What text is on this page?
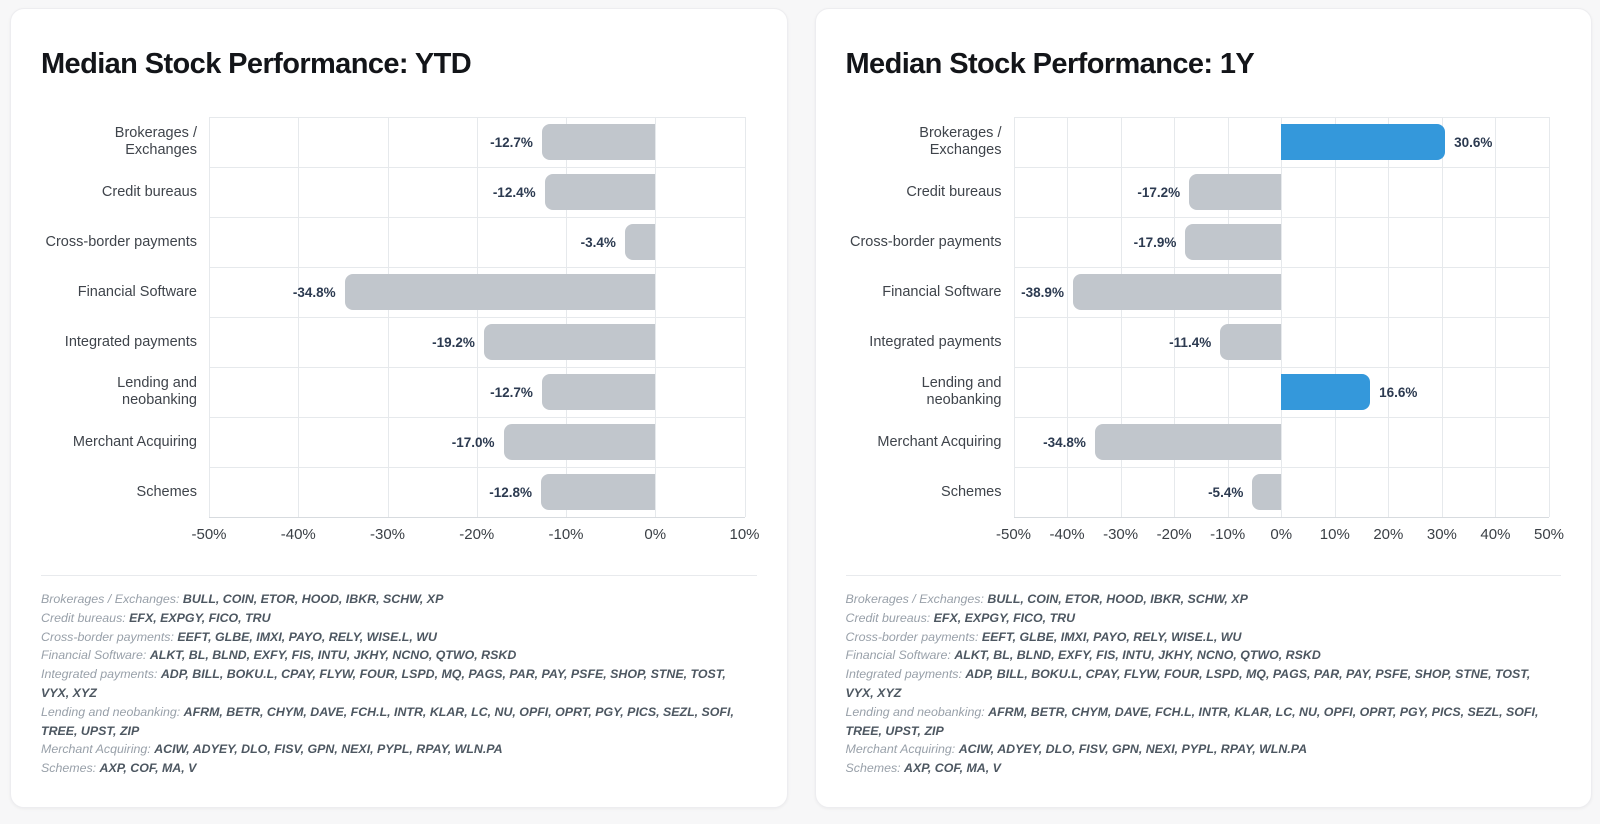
Median Stock Performance: YTD
Brokerages / Exchanges
Credit bureaus
Cross-border payments
Financial Software
Integrated payments
Lending and neobanking
Merchant Acquiring
Schemes
-12.7%
-12.4%
-3.4%
-34.8%
-19.2%
-12.7%
-17.0%
-12.8%
-50%	-40%	-30%	-20%	-10%	0%	10%
Brokerages / Exchanges: BULL, COIN, ETOR, HOOD, IBKR, SCHW, XP
Credit bureaus: EFX, EXPGY, FICO, TRU
Cross-border payments: EEFT, GLBE, IMXI, PAYO, RELY, WISE.L, WU
Financial Software: ALKT, BL, BLND, EXFY, FIS, INTU, JKHY, NCNO, QTWO, RSKD
Integrated payments: ADP, BILL, BOKU.L, CPAY, FLYW, FOUR, LSPD, MQ, PAGS, PAR, PAY, PSFE, SHOP, STNE, TOST, VYX, XYZ
Lending and neobanking: AFRM, BETR, CHYM, DAVE, FCH.L, INTR, KLAR, LC, NU, OPFI, OPRT, PGY, PICS, SEZL, SOFI, TREE, UPST, ZIP
Merchant Acquiring: ACIW, ADYEY, DLO, FISV, GPN, NEXI, PYPL, RPAY, WLN.PA
Schemes: AXP, COF, MA, V
Median Stock Performance: 1Y
Brokerages / Exchanges
Credit bureaus
Cross-border payments
Financial Software
Integrated payments
Lending and neobanking
Merchant Acquiring
Schemes
30.6%
-17.2%
-17.9%
-38.9%
-11.4%
16.6%
-34.8%
-5.4%
-50% -40% -30% -20% -10% 0% 10% 20% 30% 40% 50%
Brokerages / Exchanges: BULL, COIN, ETOR, HOOD, IBKR, SCHW, XP
Credit bureaus: EFX, EXPGY, FICO, TRU
Cross-border payments: EEFT, GLBE, IMXI, PAYO, RELY, WISE.L, WU
Financial Software: ALKT, BL, BLND, EXFY, FIS, INTU, JKHY, NCNO, QTWO, RSKD
Integrated payments: ADP, BILL, BOKU.L, CPAY, FLYW, FOUR, LSPD, MQ, PAGS, PAR, PAY, PSFE, SHOP, STNE, TOST, VYX, XYZ
Lending and neobanking: AFRM, BETR, CHYM, DAVE, FCH.L, INTR, KLAR, LC, NU, OPFI, OPRT, PGY, PICS, SEZL, SOFI, TREE, UPST, ZIP
Merchant Acquiring: ACIW, ADYEY, DLO, FISV, GPN, NEXI, PYPL, RPAY, WLN.PA
Schemes: AXP, COF, MA, V
